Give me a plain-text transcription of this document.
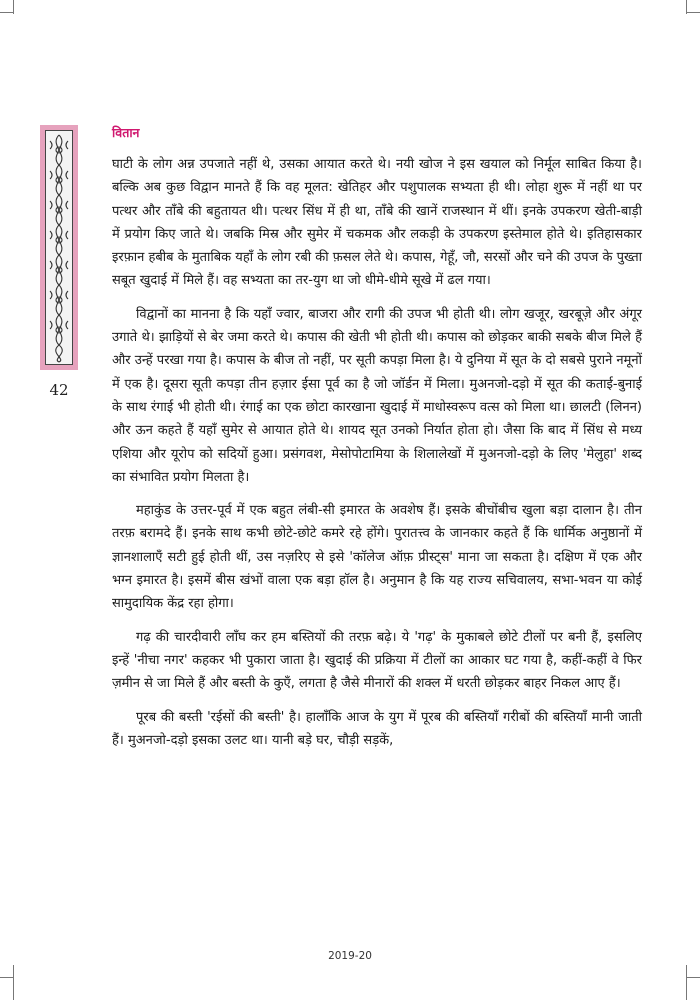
वितान
42

घाटी के लोग अन्न उपजाते नहीं थे, उसका आयात करते थे। नयी खोज ने इस खयाल को निर्मूल साबित किया है। बल्कि अब कुछ विद्वान मानते हैं कि वह मूलत: खेतिहर और पशुपालक सभ्यता ही थी। लोहा शुरू में नहीं था पर पत्थर और ताँबे की बहुतायत थी। पत्थर सिंध में ही था, ताँबे की खानें राजस्थान में थीं। इनके उपकरण खेती-बाड़ी में प्रयोग किए जाते थे। जबकि मिस्र और सुमेर में चकमक और लकड़ी के उपकरण इस्तेमाल होते थे। इतिहासकार इरफ़ान हबीब के मुताबिक यहाँ के लोग रबी की फ़सल लेते थे। कपास, गेहूँ, जौ, सरसों और चने की उपज के पुख्ता सबूत खुदाई में मिले हैं। वह सभ्यता का तर-युग था जो धीमे-धीमे सूखे में ढल गया।

विद्वानों का मानना है कि यहाँ ज्वार, बाजरा और रागी की उपज भी होती थी। लोग खजूर, खरबूज़े और अंगूर उगाते थे। झाड़ियों से बेर जमा करते थे। कपास की खेती भी होती थी। कपास को छोड़कर बाकी सबके बीज मिले हैं और उन्हें परखा गया है। कपास के बीज तो नहीं, पर सूती कपड़ा मिला है। ये दुनिया में सूत के दो सबसे पुराने नमूनों में एक है। दूसरा सूती कपड़ा तीन हज़ार ईसा पूर्व का है जो जॉर्डन में मिला। मुअनजो-दड़ो में सूत की कताई-बुनाई के साथ रंगाई भी होती थी। रंगाई का एक छोटा कारखाना खुदाई में माधोस्वरूप वत्स को मिला था। छालटी (लिनन) और ऊन कहते हैं यहाँ सुमेर से आयात होते थे। शायद सूत उनको निर्यात होता हो। जैसा कि बाद में सिंध से मध्य एशिया और यूरोप को सदियों हुआ। प्रसंगवश, मेसोपोटामिया के शिलालेखों में मुअनजो-दड़ो के लिए 'मेलुहा' शब्द का संभावित प्रयोग मिलता है।

महाकुंड के उत्तर-पूर्व में एक बहुत लंबी-सी इमारत के अवशेष हैं। इसके बीचोंबीच खुला बड़ा दालान है। तीन तरफ़ बरामदे हैं। इनके साथ कभी छोटे-छोटे कमरे रहे होंगे। पुरातत्त्व के जानकार कहते हैं कि धार्मिक अनुष्ठानों में ज्ञानशालाएँ सटी हुई होती थीं, उस नज़रिए से इसे 'कॉलेज ऑफ़ प्रीस्ट्स' माना जा सकता है। दक्षिण में एक और भग्न इमारत है। इसमें बीस खंभों वाला एक बड़ा हॉल है। अनुमान है कि यह राज्य सचिवालय, सभा-भवन या कोई सामुदायिक केंद्र रहा होगा।

गढ़ की चारदीवारी लाँघ कर हम बस्तियों की तरफ़ बढ़े। ये 'गढ़' के मुकाबले छोटे टीलों पर बनी हैं, इसलिए इन्हें 'नीचा नगर' कहकर भी पुकारा जाता है। खुदाई की प्रक्रिया में टीलों का आकार घट गया है, कहीं-कहीं वे फिर ज़मीन से जा मिले हैं और बस्ती के कुएँ, लगता है जैसे मीनारों की शक्ल में धरती छोड़कर बाहर निकल आए हैं।

पूरब की बस्ती 'रईसों की बस्ती' है। हालाँकि आज के युग में पूरब की बस्तियाँ गरीबों की बस्तियाँ मानी जाती हैं। मुअनजो-दड़ो इसका उलट था। यानी बड़े घर, चौड़ी सड़कें,

2019-20
